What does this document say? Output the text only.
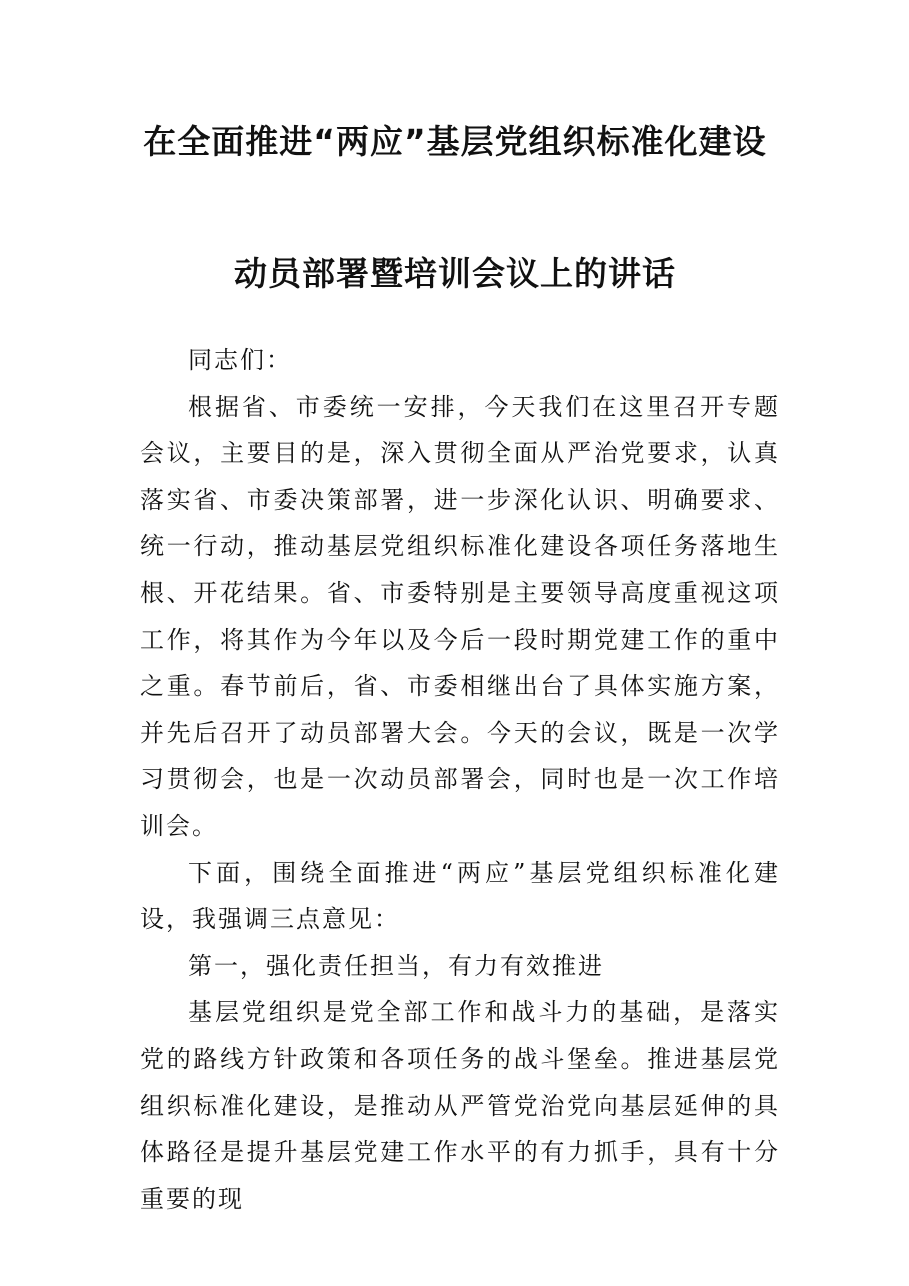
在全面推进“两应”基层党组织标准化建设
动员部署暨培训会议上的讲话

同志们：

根据省、市委统一安排，今天我们在这里召开专题会议，主要目的是，深入贯彻全面从严治党要求，认真落实省、市委决策部署，进一步深化认识、明确要求、统一行动，推动基层党组织标准化建设各项任务落地生根、开花结果。省、市委特别是主要领导高度重视这项工作，将其作为今年以及今后一段时期党建工作的重中之重。春节前后，省、市委相继出台了具体实施方案，并先后召开了动员部署大会。今天的会议，既是一次学习贯彻会，也是一次动员部署会，同时也是一次工作培训会。

下面，围绕全面推进“两应”基层党组织标准化建设，我强调三点意见：

第一，强化责任担当，有力有效推进

基层党组织是党全部工作和战斗力的基础，是落实党的路线方针政策和各项任务的战斗堡垒。推进基层党组织标准化建设，是推动从严管党治党向基层延伸的具体路径是提升基层党建工作水平的有力抓手，具有十分重要的现
